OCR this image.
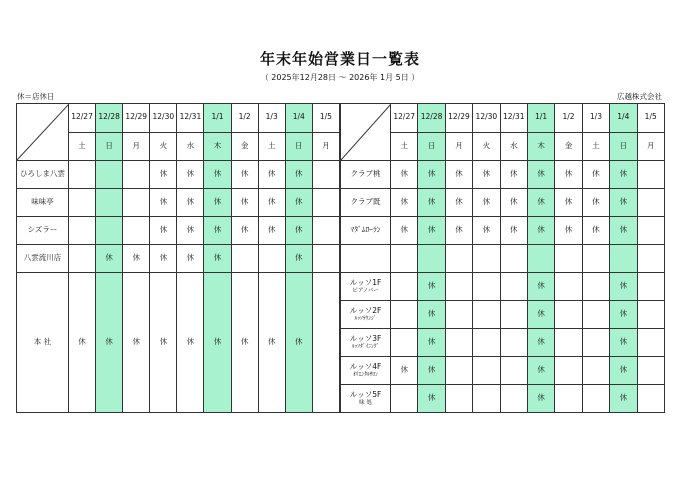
年末年始営業日一覧表
（ 2025年12月28日 〜 2026年 1月 5日 ）
休＝店休日	広越株式会社
	12/27	12/28	12/29	12/30	12/31	1/1	1/2	1/3	1/4	1/5
	土	日	月	火	水	木	金	土	日	月
ひろしま八雲				休	休	休	休	休	休	
味味亭				休	休	休	休	休	休	
シズラー				休	休	休	休	休	休	
八雲流川店		休	休	休	休	休			休	
本 社	休	休	休	休	休	休	休	休	休	
	12/27	12/28	12/29	12/30	12/31	1/1	1/2	1/3	1/4	1/5
	土	日	月	火	水	木	金	土	日	月

クラブ桃	休	休	休	休	休	休	休	休	休	

クラブ既	休	休	休	休	休	休	休	休	休	

ﾏﾀﾞﾑﾛｰﾗﾝ	休	休	休	休	休	休	休	休	休	

ルッソ1F
ピアノバー		休				休			休	

ルッソ2F
ﾙｯｿﾗｳﾝｼﾞ		休				休			休	

ルッソ3F
ﾙｯｿﾀﾞｲﾆﾝｸﾞ		休				休			休	

ルッソ4F
ｵﾘｴﾝﾀﾙｻﾛﾝ	休	休				休			休	

ルッソ5F
味 処		休				休			休	
